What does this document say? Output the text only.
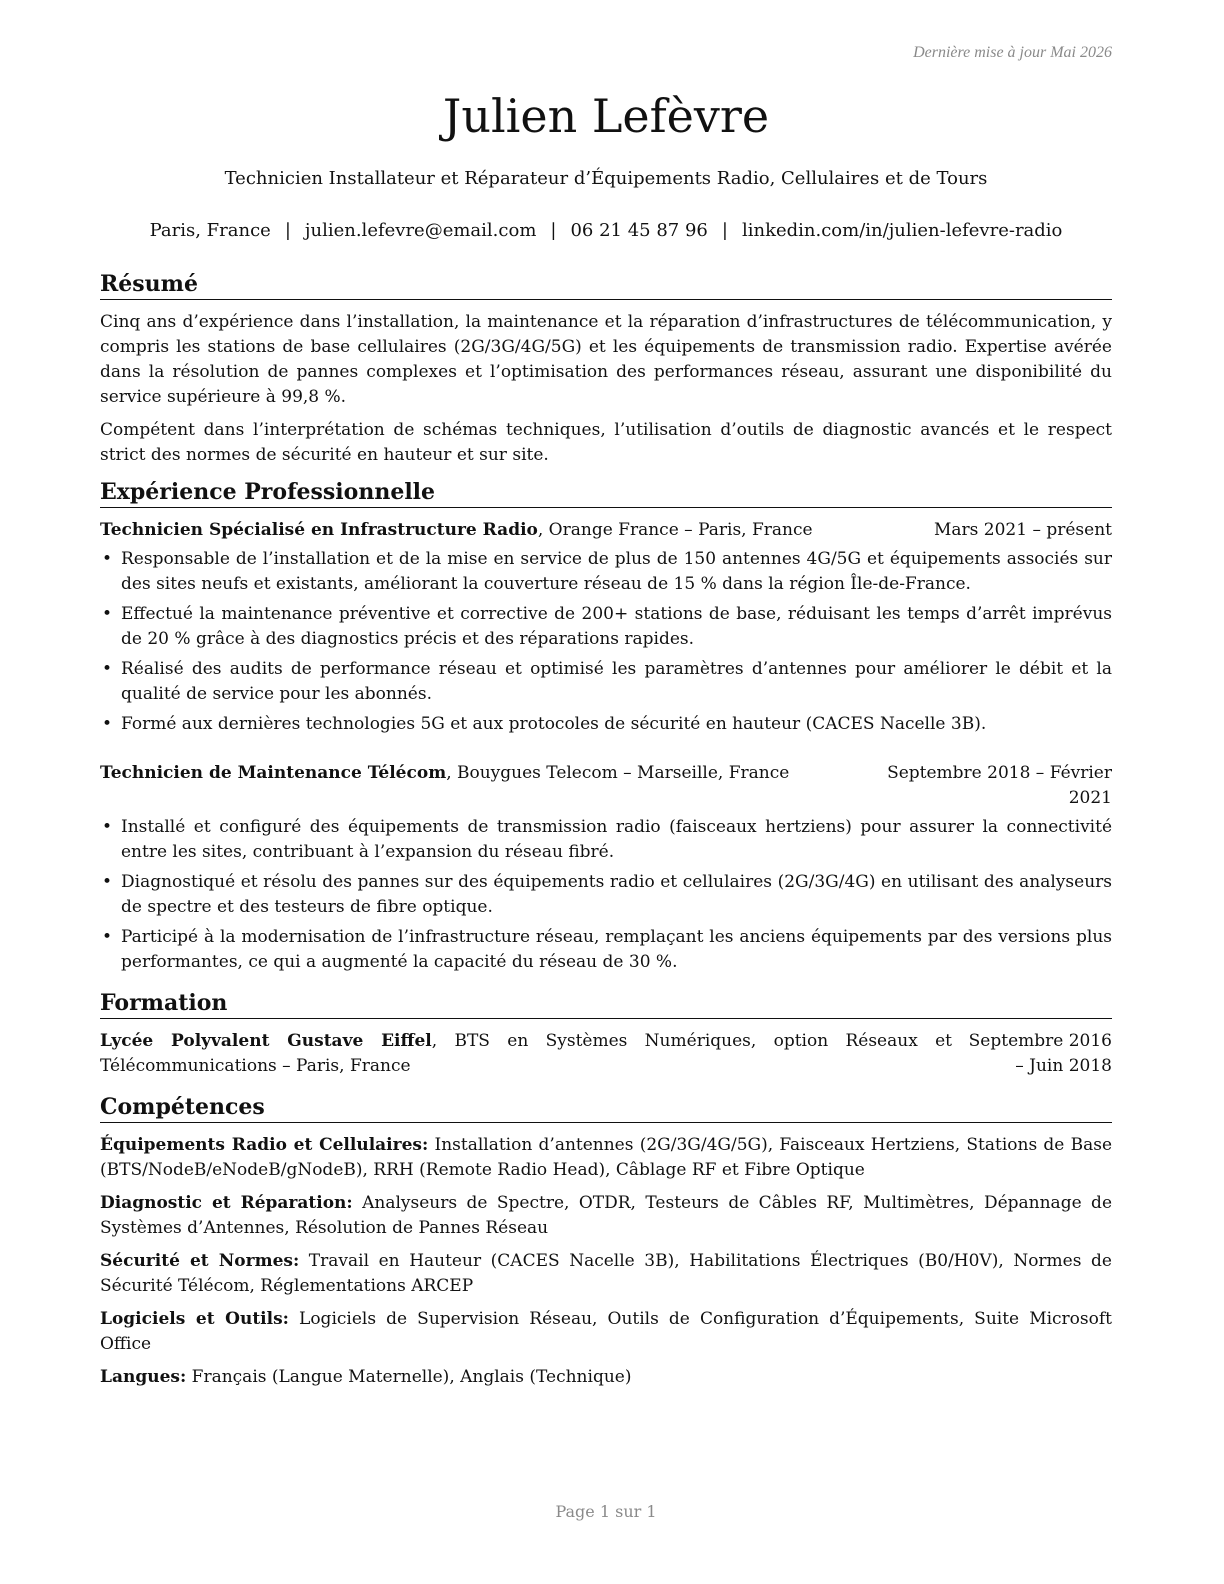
Dernière mise à jour Mai 2026
Julien Lefèvre
Technicien Installateur et Réparateur d’Équipements Radio, Cellulaires et de Tours
Paris, France | julien.lefevre@email.com | 06 21 45 87 96 | linkedin.com/in/julien-lefevre-radio
Résumé

Cinq ans d’expérience dans l’installation, la maintenance et la réparation d’infrastructures de télécommunication, y compris les stations de base cellulaires (2G/3G/4G/5G) et les équipements de transmission radio. Expertise avérée dans la résolution de pannes complexes et l’optimisation des performances réseau, assurant une disponibilité du service supérieure à 99,8 %.

Compétent dans l’interprétation de schémas techniques, l’utilisation d’outils de diagnostic avancés et le respect strict des normes de sécurité en hauteur et sur site.

Expérience Professionnelle
Technicien Spécialisé en Infrastructure Radio, Orange France – Paris, France	Mars 2021 – présent
• Responsable de l’installation et de la mise en service de plus de 150 antennes 4G/5G et équipements associés sur des sites neufs et existants, améliorant la couverture réseau de 15 % dans la région Île-de-France.
• Effectué la maintenance préventive et corrective de 200+ stations de base, réduisant les temps d’arrêt imprévus de 20 % grâce à des diagnostics précis et des réparations rapides.
• Réalisé des audits de performance réseau et optimisé les paramètres d’antennes pour améliorer le débit et la qualité de service pour les abonnés.
• Formé aux dernières technologies 5G et aux protocoles de sécurité en hauteur (CACES Nacelle 3B).
Technicien de Maintenance Télécom, Bouygues Telecom – Marseille, France	Septembre 2018 – Février 2021
• Installé et configuré des équipements de transmission radio (faisceaux hertziens) pour assurer la connectivité entre les sites, contribuant à l’expansion du réseau fibré.
• Diagnostiqué et résolu des pannes sur des équipements radio et cellulaires (2G/3G/4G) en utilisant des analyseurs de spectre et des testeurs de fibre optique.
• Participé à la modernisation de l’infrastructure réseau, remplaçant les anciens équipements par des versions plus performantes, ce qui a augmenté la capacité du réseau de 30 %.
Formation
Lycée Polyvalent Gustave Eiffel, BTS en Systèmes Numériques, option Réseaux et Télécommunications – Paris, France
Septembre 2016 – Juin 2018
Compétences

Équipements Radio et Cellulaires: Installation d’antennes (2G/3G/4G/5G), Faisceaux Hertziens, Stations de Base (BTS/NodeB/eNodeB/gNodeB), RRH (Remote Radio Head), Câblage RF et Fibre Optique

Diagnostic et Réparation: Analyseurs de Spectre, OTDR, Testeurs de Câbles RF, Multimètres, Dépannage de Systèmes d’Antennes, Résolution de Pannes Réseau

Sécurité et Normes: Travail en Hauteur (CACES Nacelle 3B), Habilitations Électriques (B0/H0V), Normes de Sécurité Télécom, Réglementations ARCEP

Logiciels et Outils: Logiciels de Supervision Réseau, Outils de Configuration d’Équipements, Suite Microsoft Office

Langues: Français (Langue Maternelle), Anglais (Technique)

Page 1 sur 1
